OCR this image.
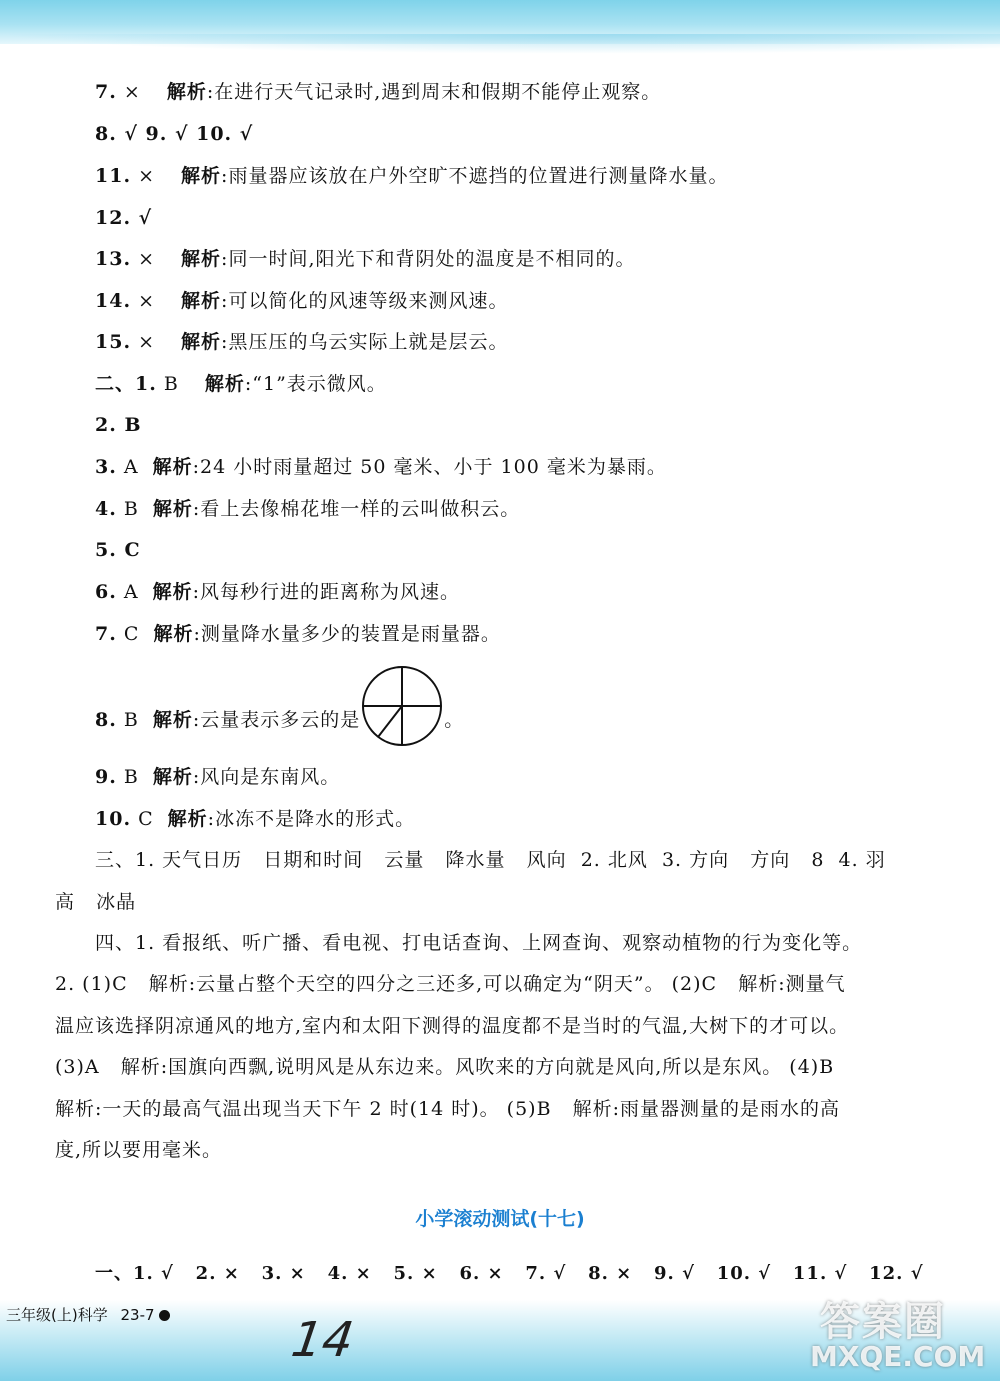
7. × 解析:在进行天气记录时,遇到周末和假期不能停止观察。
8. √ 9. √ 10. √
11. × 解析:雨量器应该放在户外空旷不遮挡的位置进行测量降水量。
12. √
13. × 解析:同一时间,阳光下和背阴处的温度是不相同的。
14. × 解析:可以简化的风速等级来测风速。
15. × 解析:黑压压的乌云实际上就是层云。
二、1. B 解析:“1”表示微风。
2. B
3. A 解析:24 小时雨量超过 50 毫米、小于 100 毫米为暴雨。
4. B 解析:看上去像棉花堆一样的云叫做积云。
5. C
6. A 解析:风每秒行进的距离称为风速。
7. C 解析:测量降水量多少的装置是雨量器。
8. B 解析:云量表示多云的是	。
9. B 解析:风向是东南风。
10. C 解析:冰冻不是降水的形式。
三、1. 天气日历   日期和时间   云量   降水量   风向  2. 北风  3. 方向   方向   8  4. 羽
高   冰晶
四、1. 看报纸、听广播、看电视、打电话查询、上网查询、观察动植物的行为变化等。
2. (1)C   解析:云量占整个天空的四分之三还多,可以确定为“阴天”。 (2)C   解析:测量气
温应该选择阴凉通风的地方,室内和太阳下测得的温度都不是当时的气温,大树下的才可以。
(3)A   解析:国旗向西飘,说明风是从东边来。风吹来的方向就是风向,所以是东风。 (4)B
解析:一天的最高气温出现当天下午 2 时(14 时)。 (5)B   解析:雨量器测量的是雨水的高
度,所以要用毫米。
小学滚动测试(十七)
一、1. √   2. ×   3. ×   4. ×   5. ×   6. ×   7. √   8. ×   9. √   10. √   11. √   12. √
三年级(上)科学 23-7	14	答案圈
MXQE.COM
